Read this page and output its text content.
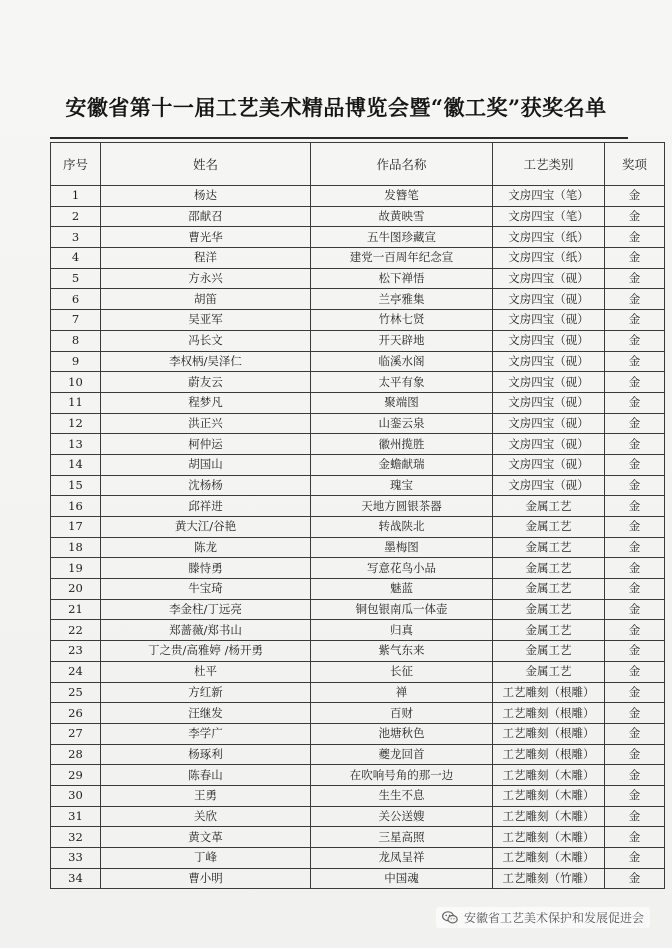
安徽省第十一届工艺美术精品博览会暨“徽工奖”获奖名单
序号	姓名	作品名称	工艺类别	奖项
1	杨达	发簪笔	文房四宝（笔）	金
2	邵献召	故黄映雪	文房四宝（笔）	金
3	曹光华	五牛图珍藏宣	文房四宝（纸）	金
4	程洋	建党一百周年纪念宣	文房四宝（纸）	金
5	方永兴	松下禅悟	文房四宝（砚）	金
6	胡笛	兰亭雅集	文房四宝（砚）	金
7	吴亚军	竹林七贤	文房四宝（砚）	金
8	冯长文	开天辟地	文房四宝（砚）	金
9	李权柄/吴泽仁	临溪水阁	文房四宝（砚）	金
10	蔚友云	太平有象	文房四宝（砚）	金
11	程梦凡	聚端图	文房四宝（砚）	金
12	洪正兴	山銮云泉	文房四宝（砚）	金
13	柯仲运	徽州揽胜	文房四宝（砚）	金
14	胡国山	金蟾献瑞	文房四宝（砚）	金
15	沈杨杨	瑰宝	文房四宝（砚）	金
16	邱祥进	天地方圆银茶器	金属工艺	金
17	黄大江/谷艳	转战陕北	金属工艺	金
18	陈龙	墨梅图	金属工艺	金
19	滕恃勇	写意花鸟小品	金属工艺	金
20	牛宝琦	魅蓝	金属工艺	金
21	李金柱/丁远亮	铜包银南瓜一体壶	金属工艺	金
22	郑蔷薇/郑书山	归真	金属工艺	金
23	丁之贵/高雅婷 /杨开勇	紫气东来	金属工艺	金
24	杜平	长征	金属工艺	金
25	方红新	禅	工艺雕刻（根雕）	金
26	汪继发	百财	工艺雕刻（根雕）	金
27	李学广	池塘秋色	工艺雕刻（根雕）	金
28	杨琢利	夔龙回首	工艺雕刻（根雕）	金
29	陈春山	在吹响号角的那一边	工艺雕刻（木雕）	金
30	王勇	生生不息	工艺雕刻（木雕）	金
31	关欣	关公送嫂	工艺雕刻（木雕）	金
32	黄文革	三星高照	工艺雕刻（木雕）	金
33	丁峰	龙凤呈祥	工艺雕刻（木雕）	金
34	曹小明	中国魂	工艺雕刻（竹雕）	金
安徽省工艺美术保护和发展促进会
